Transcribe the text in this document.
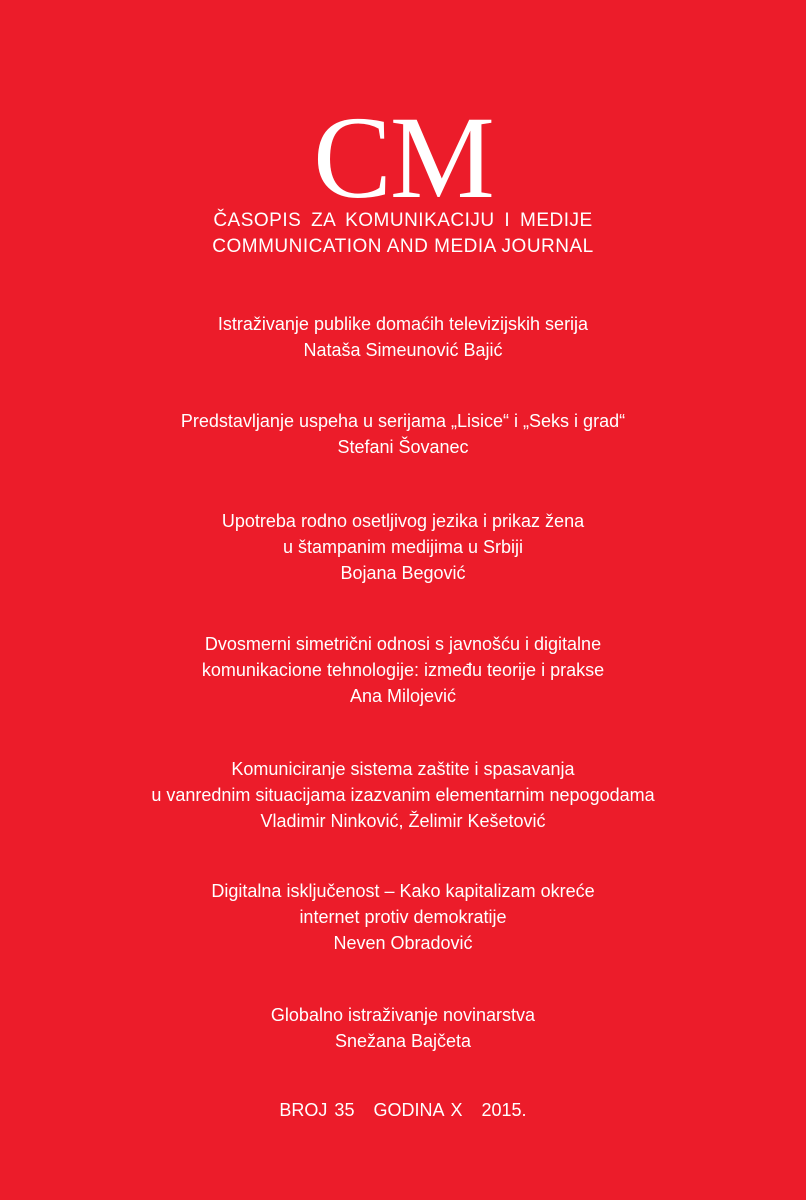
CM
ČASOPIS ZA KOMUNIKACIJU I MEDIJE
COMMUNICATION AND MEDIA JOURNAL
Istraživanje publike domaćih televizijskih serija
Nataša Simeunović Bajić
Predstavljanje uspeha u serijama „Lisice“ i „Seks i grad“
Stefani Šovanec
Upotreba rodno osetljivog jezika i prikaz žena
u štampanim medijima u Srbiji
Bojana Begović
Dvosmerni simetrični odnosi s javnošću i digitalne
komunikacione tehnologije: između teorije i prakse
Ana Milojević
Komuniciranje sistema zaštite i spasavanja
u vanrednim situacijama izazvanim elementarnim nepogodama
Vladimir Ninković, Želimir Kešetović
Digitalna isključenost – Kako kapitalizam okreće
internet protiv demokratije
Neven Obradović
Globalno istraživanje novinarstva
Snežana Bajčeta
BROJ 35 GODINA X 2015.
